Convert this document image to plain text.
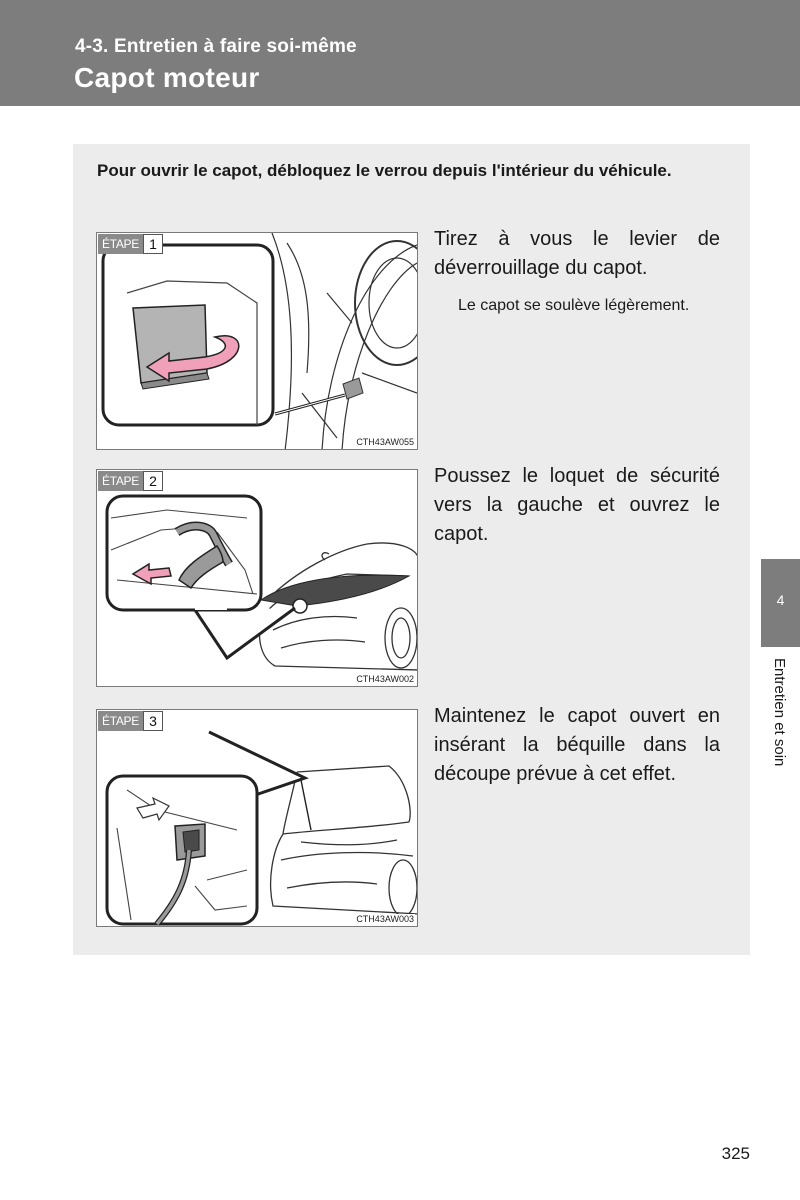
4-3. Entretien à faire soi-même
Capot moteur
Pour ouvrir le capot, débloquez le verrou depuis l'intérieur du véhicule.
ÉTAPE 1
CTH43AW055
Tirez à vous le levier de déverrouillage du capot.
Le capot se soulève légèrement.
ÉTAPE 2
CTH43AW002
Poussez le loquet de sécurité vers la gauche et ouvrez le capot.
ÉTAPE 3
CTH43AW003
Maintenez le capot ouvert en insérant la béquille dans la découpe prévue à cet effet.
4
Entretien et soin
325
